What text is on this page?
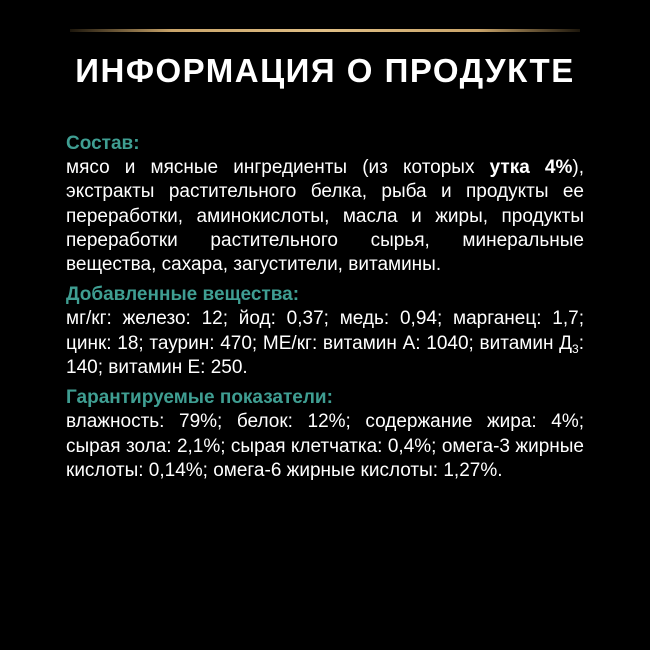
ИНФОРМАЦИЯ О ПРОДУКТЕ
Состав:
мясо и мясные ингредиенты (из которых утка 4%), экстракты растительного белка, рыба и продукты ее переработки, аминокислоты, масла и жиры, продукты переработки растительного сырья, минеральные вещества, сахара, загустители, витамины.
Добавленные вещества:
мг/кг: железо: 12; йод: 0,37; медь: 0,94; марганец: 1,7; цинк: 18; таурин: 470; МЕ/кг: витамин А: 1040; витамин $Д_3$: 140; витамин Е: 250.
Гарантируемые показатели:
влажность: 79%; белок: 12%; содержание жира: 4%; сырая зола: 2,1%; сырая клетчатка: 0,4%; омега-3 жирные кислоты: 0,14%; омега-6 жирные кислоты: 1,27%.
